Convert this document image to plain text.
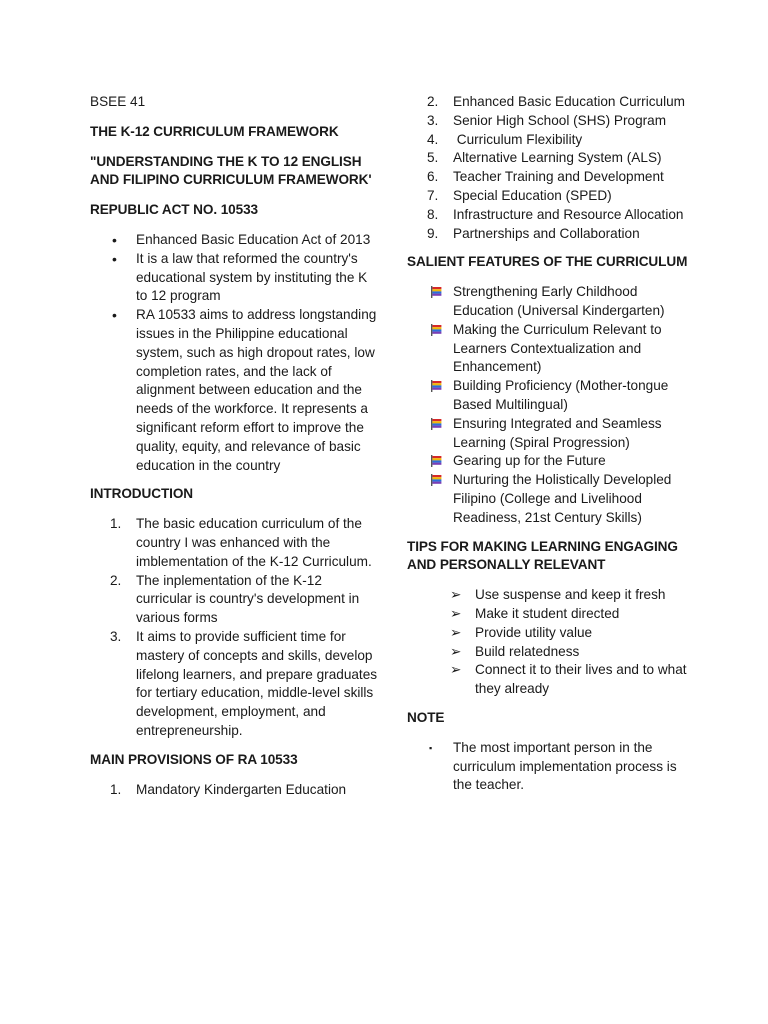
BSEE 41

THE K-12 CURRICULUM FRAMEWORK

"UNDERSTANDING THE K TO 12 ENGLISH AND FILIPINO CURRICULUM FRAMEWORK'

REPUBLIC ACT NO. 10533

•	Enhanced Basic Education Act of 2013
•	It is a law that reformed the country's educational system by instituting the K to 12 program
•	RA 10533 aims to address longstanding issues in the Philippine educational system, such as high dropout rates, low completion rates, and the lack of alignment between education and the needs of the workforce. It represents a significant reform effort to improve the quality, equity, and relevance of basic education in the country

INTRODUCTION

1.	The basic education curriculum of the country I was enhanced with the imblementation of the K-12 Curriculum.
2.	The inplementation of the K-12 curricular is country's development in various forms
3.	It aims to provide sufficient time for mastery of concepts and skills, develop lifelong learners, and prepare graduates for tertiary education, middle-level skills development, employment, and entrepreneurship.

MAIN PROVISIONS OF RA 10533

1.	Mandatory Kindergarten Education
2.	Enhanced Basic Education Curriculum
3.	Senior High School (SHS) Program
4.	Curriculum Flexibility
5.	Alternative Learning System (ALS)
6.	Teacher Training and Development
7.	Special Education (SPED)
8.	Infrastructure and Resource Allocation
9.	Partnerships and Collaboration

SALIENT FEATURES OF THE CURRICULUM

Strengthening Early Childhood Education (Universal Kindergarten)
Making the Curriculum Relevant to Learners Contextualization and Enhancement)
Building Proficiency (Mother-tongue Based Multilingual)
Ensuring Integrated and Seamless Learning (Spiral Progression)
Gearing up for the Future
Nurturing the Holistically Developled Filipino (College and Livelihood Readiness, 21st Century Skills)

TIPS FOR MAKING LEARNING ENGAGING AND PERSONALLY RELEVANT

➢	Use suspense and keep it fresh
➢	Make it student directed
➢	Provide utility value
➢	Build relatedness
➢	Connect it to their lives and to what they already

NOTE

▪	The most important person in the curriculum implementation process is the teacher.
